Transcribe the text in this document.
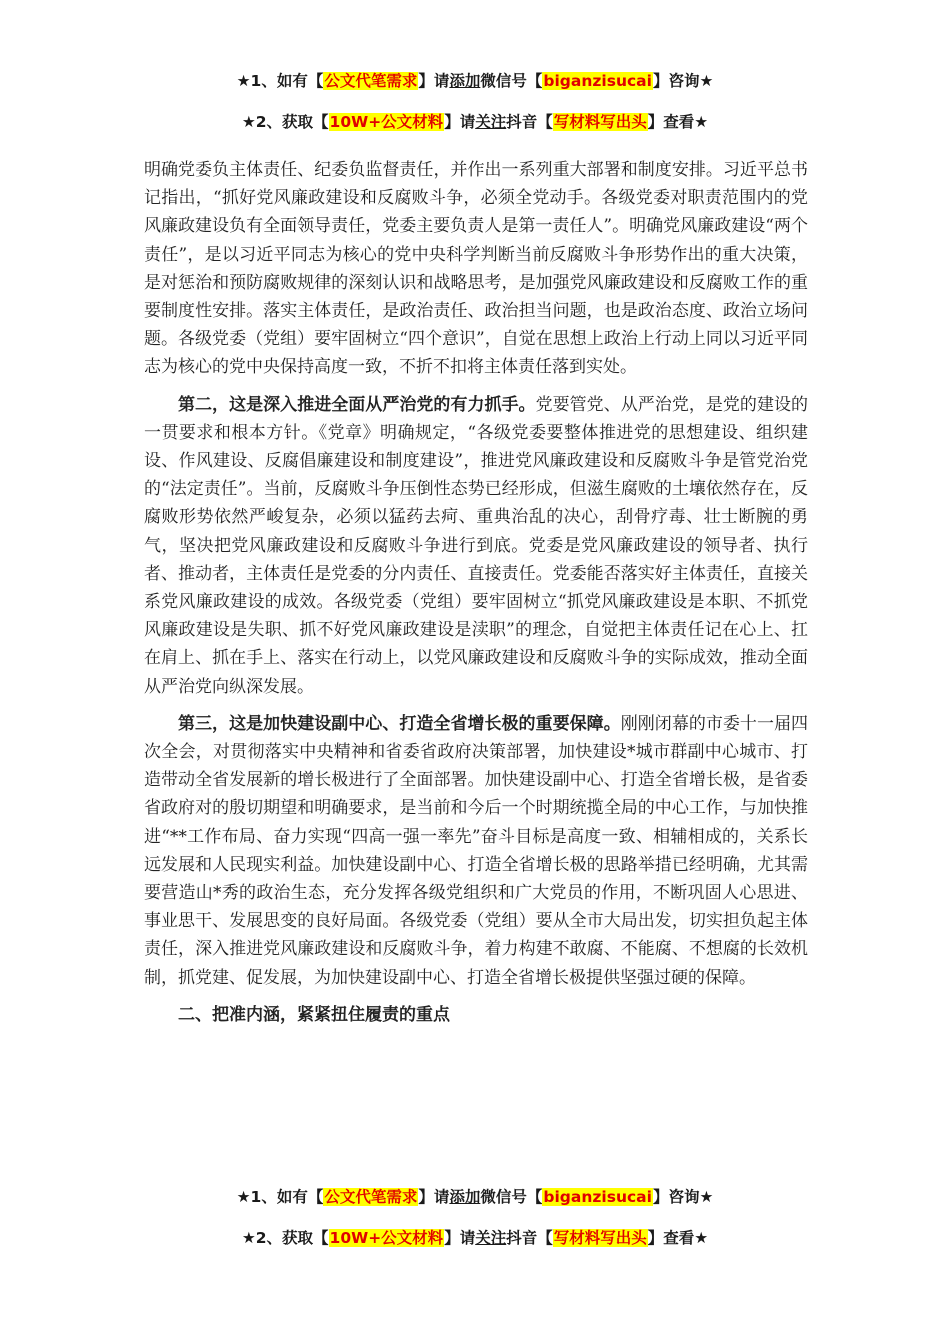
★1、如有【公文代笔需求】请添加微信号【biganzisucai】咨询★
★2、获取【10W+公文材料】请关注抖音【写材料写出头】查看★

明确党委负主体责任、纪委负监督责任，并作出一系列重大部署和制度安排。习近平总书记指出，“抓好党风廉政建设和反腐败斗争，必须全党动手。各级党委对职责范围内的党风廉政建设负有全面领导责任，党委主要负责人是第一责任人”。明确党风廉政建设“两个责任”，是以习近平同志为核心的党中央科学判断当前反腐败斗争形势作出的重大决策，是对惩治和预防腐败规律的深刻认识和战略思考，是加强党风廉政建设和反腐败工作的重要制度性安排。落实主体责任，是政治责任、政治担当问题，也是政治态度、政治立场问题。各级党委（党组）要牢固树立“四个意识”，自觉在思想上政治上行动上同以习近平同志为核心的党中央保持高度一致，不折不扣将主体责任落到实处。

第二，这是深入推进全面从严治党的有力抓手。党要管党、从严治党，是党的建设的一贯要求和根本方针。《党章》明确规定，“各级党委要整体推进党的思想建设、组织建设、作风建设、反腐倡廉建设和制度建设”，推进党风廉政建设和反腐败斗争是管党治党的“法定责任”。当前，反腐败斗争压倒性态势已经形成，但滋生腐败的土壤依然存在，反腐败形势依然严峻复杂，必须以猛药去疴、重典治乱的决心，刮骨疗毒、壮士断腕的勇气，坚决把党风廉政建设和反腐败斗争进行到底。党委是党风廉政建设的领导者、执行者、推动者，主体责任是党委的分内责任、直接责任。党委能否落实好主体责任，直接关系党风廉政建设的成效。各级党委（党组）要牢固树立“抓党风廉政建设是本职、不抓党风廉政建设是失职、抓不好党风廉政建设是渎职”的理念，自觉把主体责任记在心上、扛在肩上、抓在手上、落实在行动上，以党风廉政建设和反腐败斗争的实际成效，推动全面从严治党向纵深发展。

第三，这是加快建设副中心、打造全省增长极的重要保障。刚刚闭幕的市委十一届四次全会，对贯彻落实中央精神和省委省政府决策部署，加快建设*城市群副中心城市、打造带动全省发展新的增长极进行了全面部署。加快建设副中心、打造全省增长极，是省委省政府对的殷切期望和明确要求，是当前和今后一个时期统揽全局的中心工作，与加快推进“**工作布局、奋力实现“四高一强一率先”奋斗目标是高度一致、相辅相成的，关系长远发展和人民现实利益。加快建设副中心、打造全省增长极的思路举措已经明确，尤其需要营造山*秀的政治生态，充分发挥各级党组织和广大党员的作用，不断巩固人心思进、事业思干、发展思变的良好局面。各级党委（党组）要从全市大局出发，切实担负起主体责任，深入推进党风廉政建设和反腐败斗争，着力构建不敢腐、不能腐、不想腐的长效机制，抓党建、促发展，为加快建设副中心、打造全省增长极提供坚强过硬的保障。

二、把准内涵，紧紧扭住履责的重点

★1、如有【公文代笔需求】请添加微信号【biganzisucai】咨询★
★2、获取【10W+公文材料】请关注抖音【写材料写出头】查看★
